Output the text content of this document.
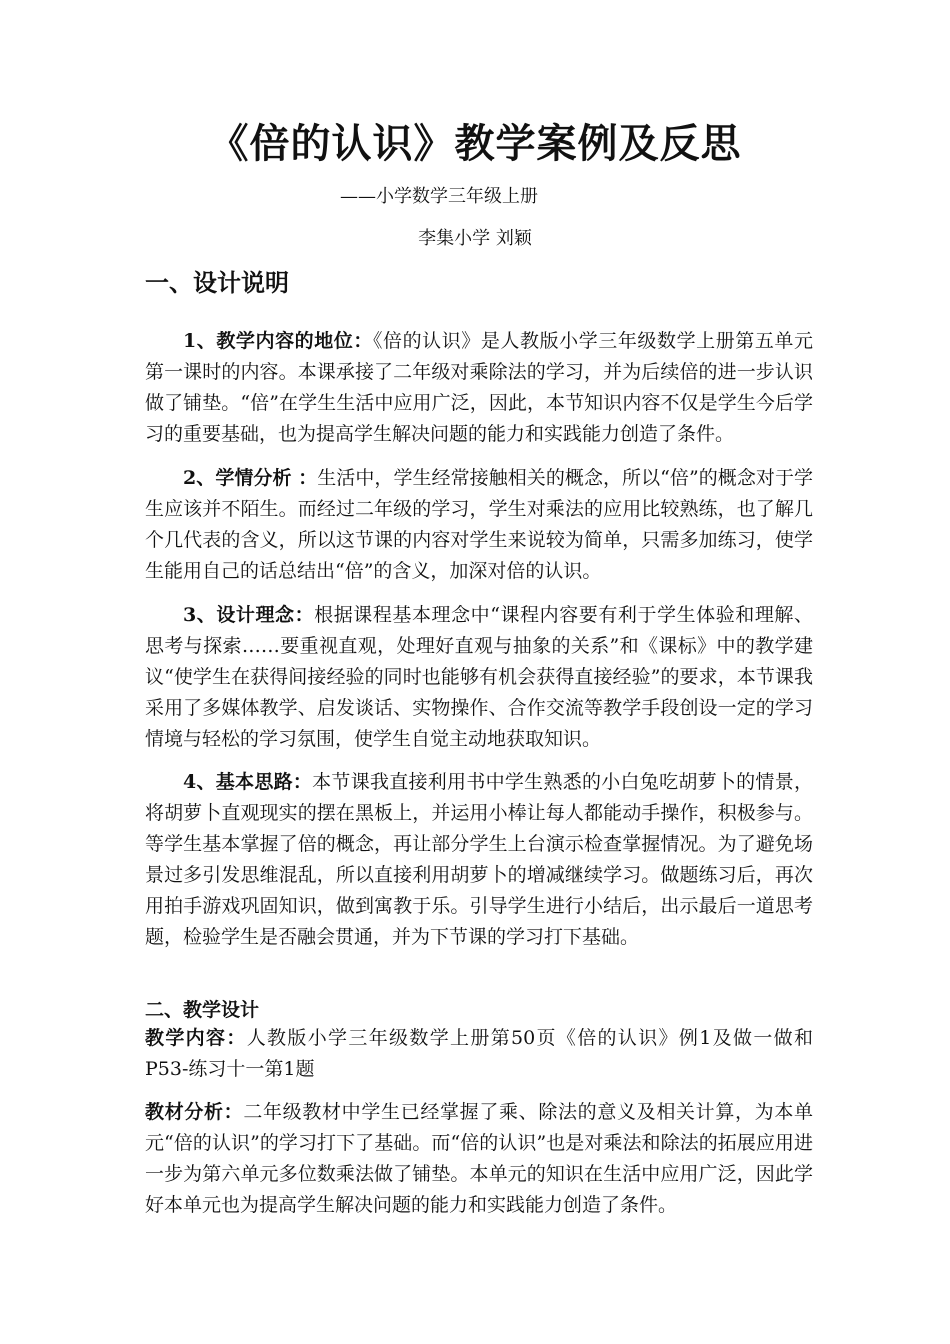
《倍的认识》教学案例及反思
——小学数学三年级上册
李集小学 刘颖
一、设计说明
1、教学内容的地位：《倍的认识》是人教版小学三年级数学上册第五单元第一课时的内容。本课承接了二年级对乘除法的学习，并为后续倍的进一步认识做了铺垫。“倍”在学生生活中应用广泛，因此，本节知识内容不仅是学生今后学习的重要基础，也为提高学生解决问题的能力和实践能力创造了条件。
2、学情分析 ：生活中，学生经常接触相关的概念，所以“倍”的概念对于学生应该并不陌生。而经过二年级的学习，学生对乘法的应用比较熟练，也了解几个几代表的含义，所以这节课的内容对学生来说较为简单，只需多加练习，使学生能用自己的话总结出“倍”的含义，加深对倍的认识。
3、设计理念：根据课程基本理念中“课程内容要有利于学生体验和理解、思考与探索……要重视直观，处理好直观与抽象的关系”和《课标》中的教学建议“使学生在获得间接经验的同时也能够有机会获得直接经验”的要求，本节课我采用了多媒体教学、启发谈话、实物操作、合作交流等教学手段创设一定的学习情境与轻松的学习氛围，使学生自觉主动地获取知识。
4、基本思路：本节课我直接利用书中学生熟悉的小白兔吃胡萝卜的情景，将胡萝卜直观现实的摆在黑板上，并运用小棒让每人都能动手操作，积极参与。等学生基本掌握了倍的概念，再让部分学生上台演示检查掌握情况。为了避免场景过多引发思维混乱，所以直接利用胡萝卜的增减继续学习。做题练习后，再次用拍手游戏巩固知识，做到寓教于乐。引导学生进行小结后，出示最后一道思考题，检验学生是否融会贯通，并为下节课的学习打下基础。
二、教学设计
教学内容：人教版小学三年级数学上册第50页《倍的认识》例1及做一做和P53-练习十一第1题
教材分析：二年级教材中学生已经掌握了乘、除法的意义及相关计算，为本单元“倍的认识”的学习打下了基础。而“倍的认识”也是对乘法和除法的拓展应用进一步为第六单元多位数乘法做了铺垫。本单元的知识在生活中应用广泛，因此学好本单元也为提高学生解决问题的能力和实践能力创造了条件。
